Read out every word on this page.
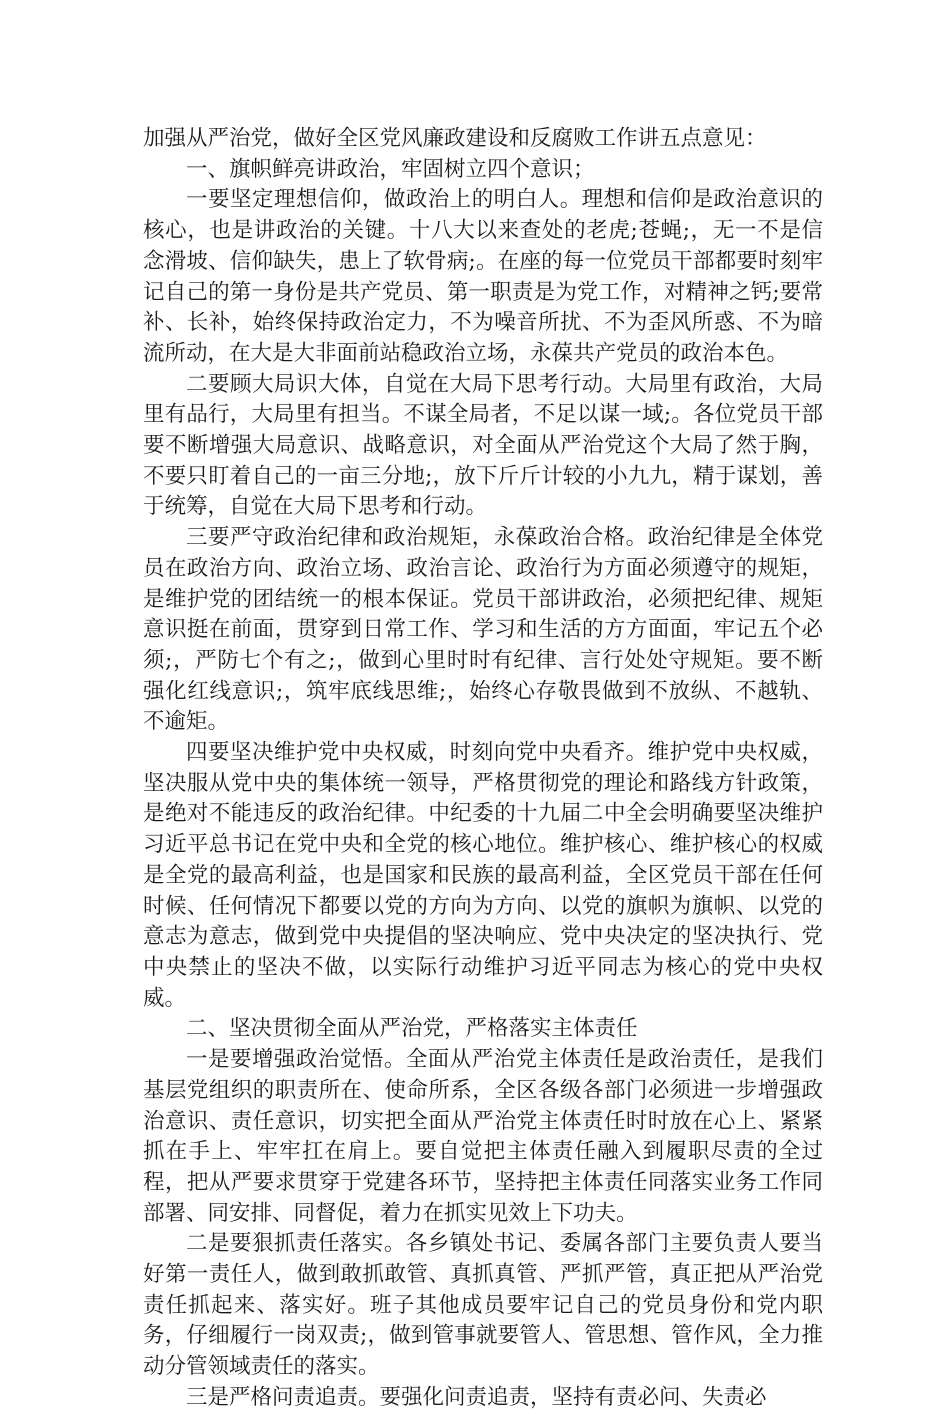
加强从严治党，做好全区党风廉政建设和反腐败工作讲五点意见：

一、旗帜鲜亮讲政治，牢固树立四个意识；

一要坚定理想信仰，做政治上的明白人。理想和信仰是政治意识的核心，也是讲政治的关键。十八大以来查处的老虎;苍蝇;，无一不是信念滑坡、信仰缺失，患上了软骨病;。在座的每一位党员干部都要时刻牢记自己的第一身份是共产党员、第一职责是为党工作，对精神之钙;要常补、长补，始终保持政治定力，不为噪音所扰、不为歪风所惑、不为暗流所动，在大是大非面前站稳政治立场，永葆共产党员的政治本色。

二要顾大局识大体，自觉在大局下思考行动。大局里有政治，大局里有品行，大局里有担当。不谋全局者，不足以谋一域;。各位党员干部要不断增强大局意识、战略意识，对全面从严治党这个大局了然于胸，不要只盯着自己的一亩三分地;，放下斤斤计较的小九九，精于谋划，善于统筹，自觉在大局下思考和行动。

三要严守政治纪律和政治规矩，永葆政治合格。政治纪律是全体党员在政治方向、政治立场、政治言论、政治行为方面必须遵守的规矩，是维护党的团结统一的根本保证。党员干部讲政治，必须把纪律、规矩意识挺在前面，贯穿到日常工作、学习和生活的方方面面，牢记五个必须;，严防七个有之;，做到心里时时有纪律、言行处处守规矩。要不断强化红线意识;，筑牢底线思维;，始终心存敬畏做到不放纵、不越轨、不逾矩。

四要坚决维护党中央权威，时刻向党中央看齐。维护党中央权威，坚决服从党中央的集体统一领导，严格贯彻党的理论和路线方针政策，是绝对不能违反的政治纪律。中纪委的十九届二中全会明确要坚决维护习近平总书记在党中央和全党的核心地位。维护核心、维护核心的权威是全党的最高利益，也是国家和民族的最高利益，全区党员干部在任何时候、任何情况下都要以党的方向为方向、以党的旗帜为旗帜、以党的意志为意志，做到党中央提倡的坚决响应、党中央决定的坚决执行、党中央禁止的坚决不做，以实际行动维护习近平同志为核心的党中央权威。

二、坚决贯彻全面从严治党，严格落实主体责任

一是要增强政治觉悟。全面从严治党主体责任是政治责任，是我们基层党组织的职责所在、使命所系，全区各级各部门必须进一步增强政治意识、责任意识，切实把全面从严治党主体责任时时放在心上、紧紧抓在手上、牢牢扛在肩上。要自觉把主体责任融入到履职尽责的全过程，把从严要求贯穿于党建各环节，坚持把主体责任同落实业务工作同部署、同安排、同督促，着力在抓实见效上下功夫。

二是要狠抓责任落实。各乡镇处书记、委属各部门主要负责人要当好第一责任人，做到敢抓敢管、真抓真管、严抓严管，真正把从严治党责任抓起来、落实好。班子其他成员要牢记自己的党员身份和党内职务，仔细履行一岗双责;，做到管事就要管人、管思想、管作风，全力推动分管领域责任的落实。

三是严格问责追责。要强化问责追责，坚持有责必问、失责必
